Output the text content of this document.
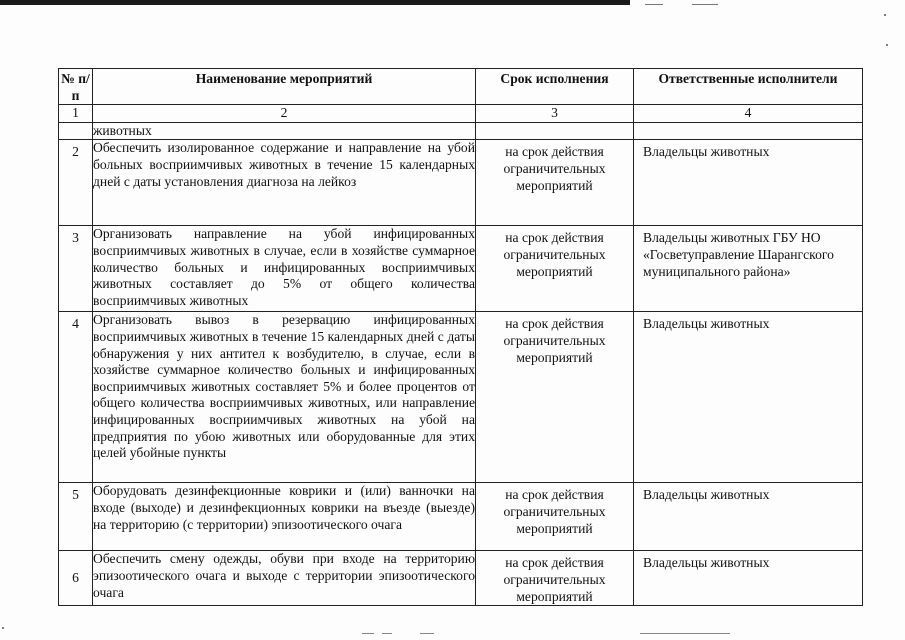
№ п/п	Наименование мероприятий	Срок исполнения	Ответственные исполнители
1	2	3	4
	животных		
2	Обеспечить изолированное содержание и направление на убой больных восприимчивых животных в течение 15 календарных дней с даты установления диагноза на лейкоз	на срок действия ограничительных мероприятий	Владельцы животных
3	Организовать направление на убой инфицированных восприимчивых животных в случае, если в хозяйстве суммарное количество больных и инфицированных восприимчивых животных составляет до 5% от общего количества восприимчивых животных	на срок действия ограничительных мероприятий	Владельцы животных ГБУ НО «Госветуправление Шарангского муниципального района»
4	Организовать вывоз в резервацию инфицированных восприимчивых животных в течение 15 календарных дней с даты обнаружения у них антител к возбудителю, в случае, если в хозяйстве суммарное количество больных и инфицированных восприимчивых животных составляет 5% и более процентов от общего количества восприимчивых животных, или направление инфицированных восприимчивых животных на убой на предприятия по убою животных или оборудованные для этих целей убойные пункты	на срок действия ограничительных мероприятий	Владельцы животных
5	Оборудовать дезинфекционные коврики и (или) ванночки на входе (выходе) и дезинфекционных коврики на въезде (выезде) на территорию (с территории) эпизоотического очага	на срок действия ограничительных мероприятий	Владельцы животных
6	Обеспечить смену одежды, обуви при входе на территорию эпизоотического очага и выходе с территории эпизоотического очага	на срок действия ограничительных мероприятий	Владельцы животных
